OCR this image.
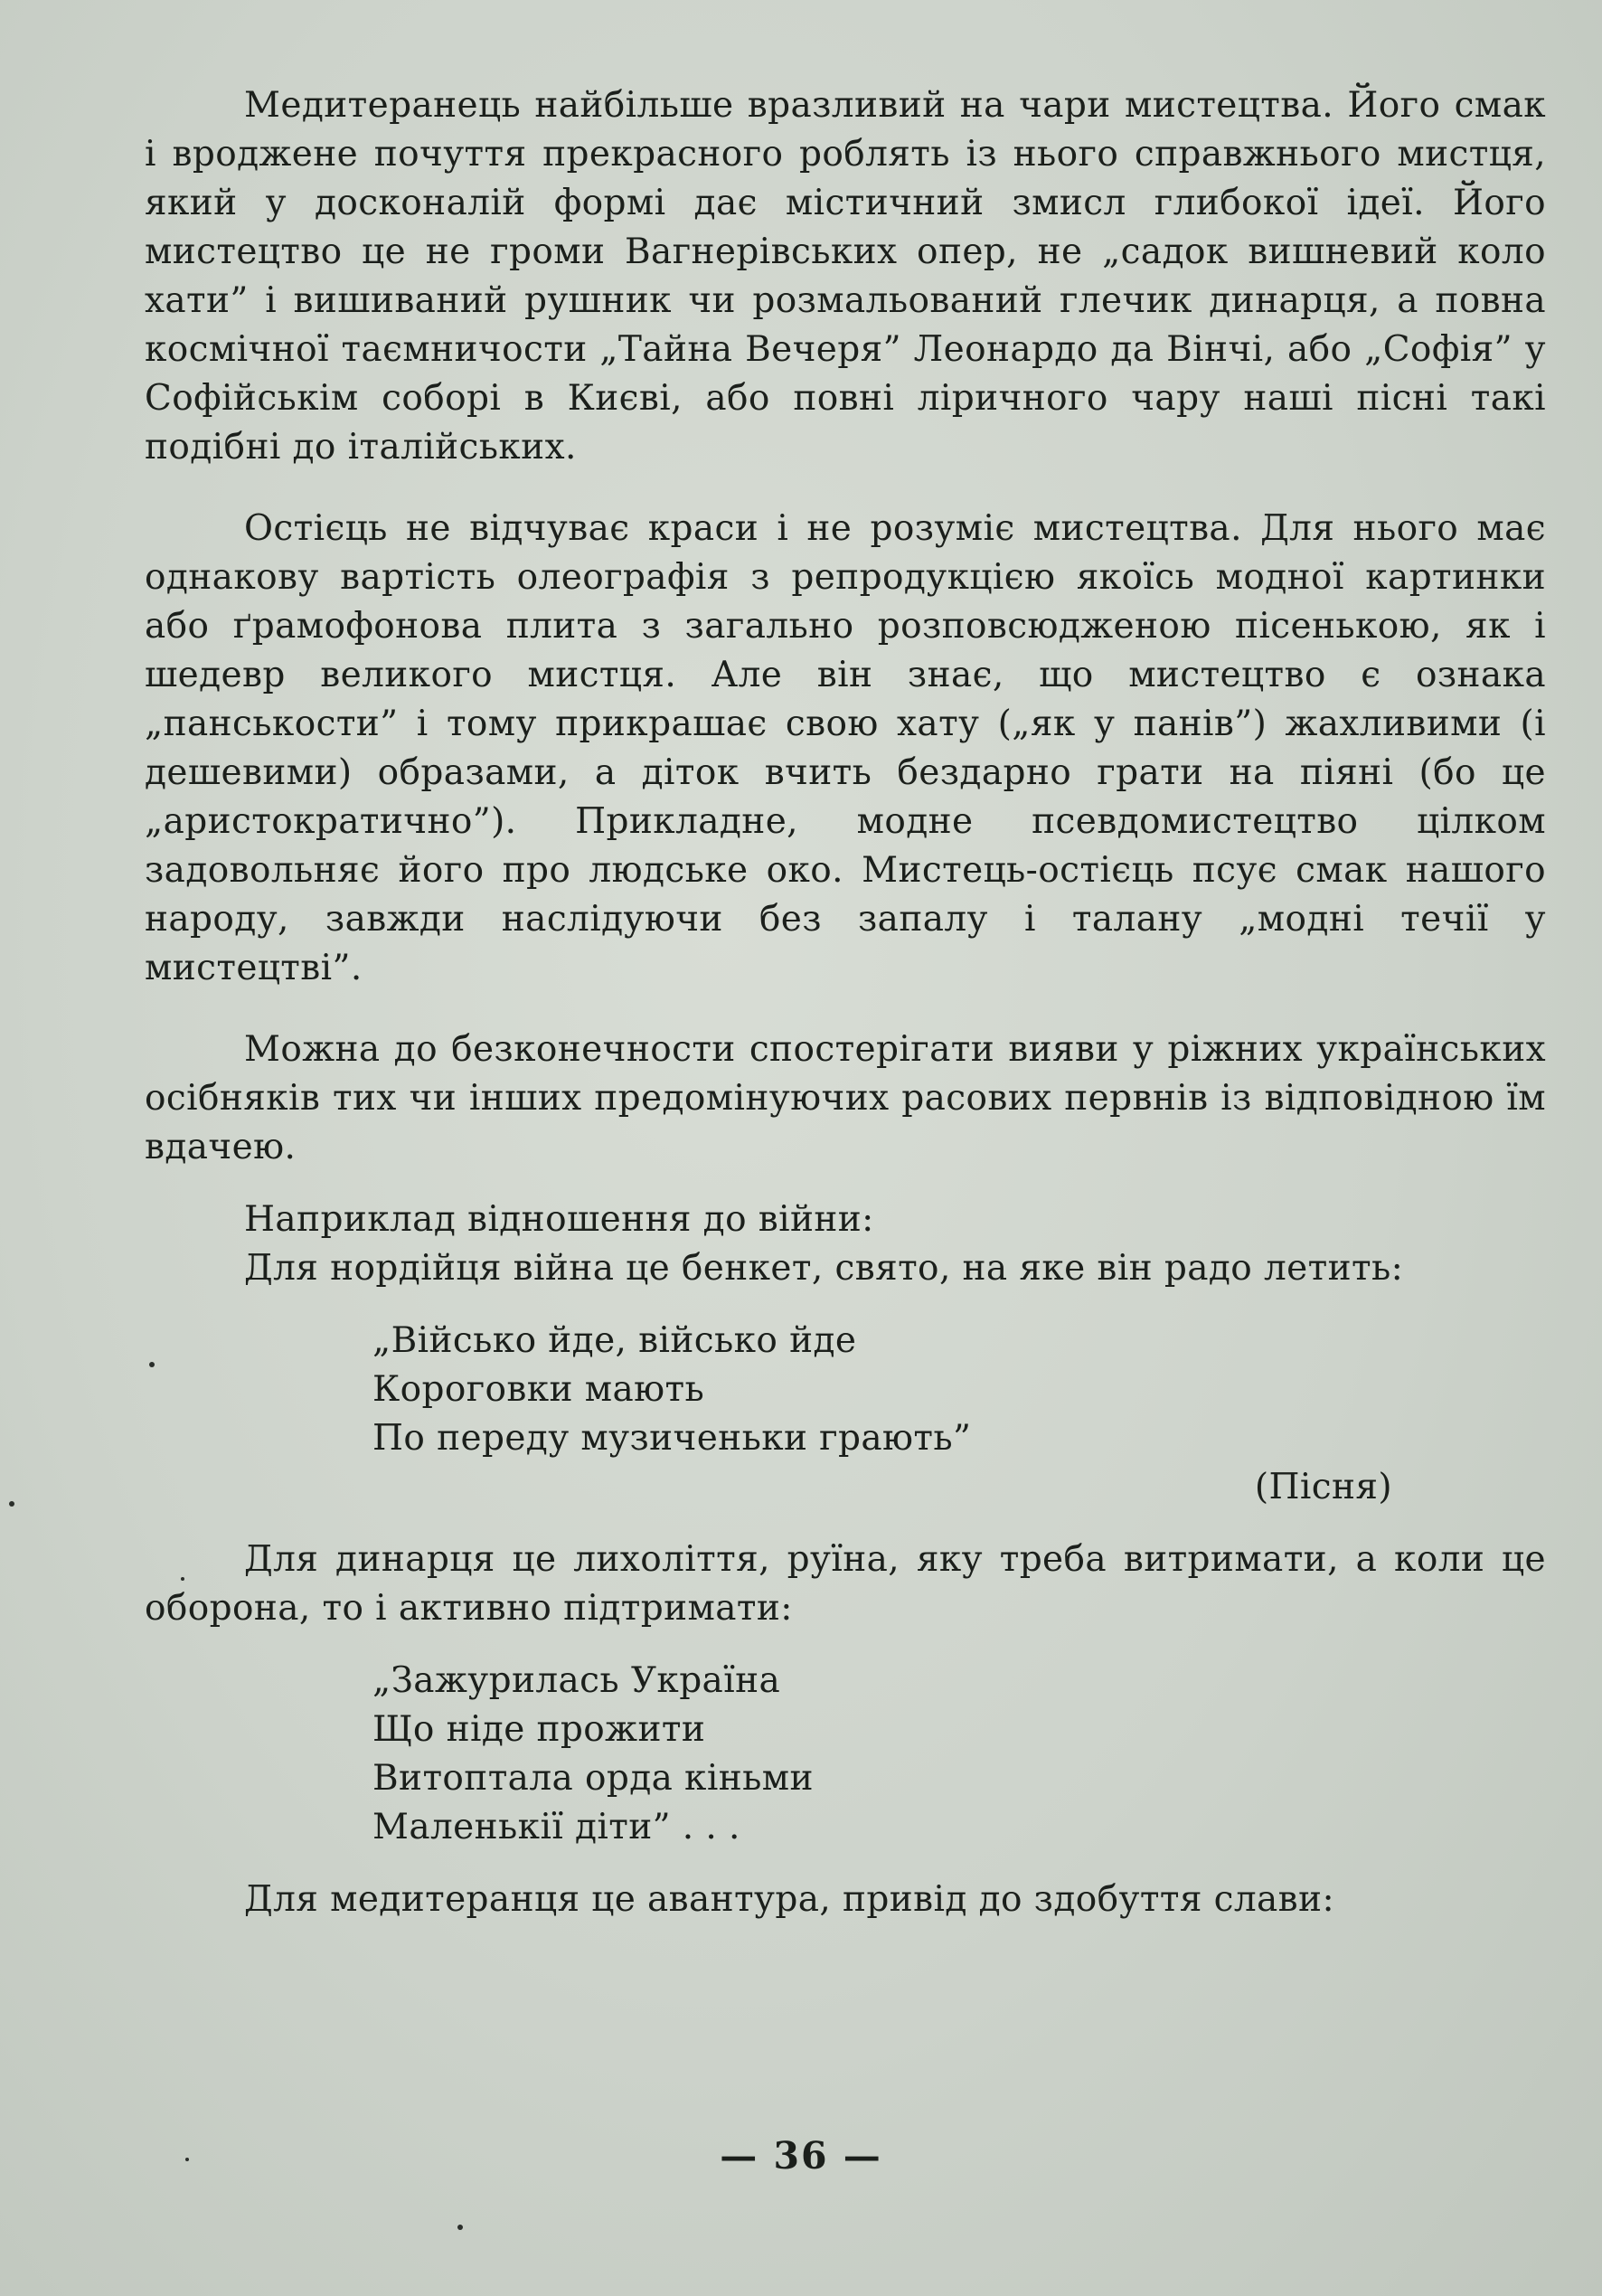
Медитеранець найбільше вразливий на чари мистецтва. Його смак і вроджене почуття прекрасного роблять із нього справжнього мистця, який у досконалій формі дає містичний змисл глибокої ідеї. Його мистецтво це не громи Вагнерівських опер, не „садок вишневий коло хати” і вишиваний рушник чи розмальований глечик динарця, а повна космічної таємничости „Тайна Вечеря” Леонардо да Вінчі, або „Софія” у Софійськім соборі в Києві, або повні ліричного чару наші пісні такі подібні до італійських.

Остієць не відчуває краси і не розуміє мистецтва. Для нього має однакову вартість олеографія з репродукцією якоїсь модної картинки або ґрамофонова плита з загально розповсюдженою пісенькою, як і шедевр великого мистця. Але він знає, що мистецтво є ознака „панськости” і тому прикрашає свою хату („як у панів”) жахливими (і дешевими) образами, а діток вчить бездарно грати на піяні (бо це „аристократично”). Прикладне, модне псевдомистецтво цілком задовольняє його про людське око. Мистець-остієць псує смак нашого народу, завжди наслідуючи без запалу і талану „модні течії у мистецтві”.

Можна до безконечности спостерігати вияви у ріжних українських осібняків тих чи інших предомінуючих расових первнів із відповідною їм вдачею.

Наприклад відношення до війни:

Для нордійця війна це бенкет, свято, на яке він радо летить:

„Військо йде, військо йде
Короговки мають
По переду музиченьки грають”
(Пісня)

Для динарця це лихоліття, руїна, яку треба витримати, а коли це оборона, то і активно підтримати:

„Зажурилась Україна
Що ніде прожити
Витоптала орда кіньми
Маленькії діти” . . .

Для медитеранця це авантура, привід до здобуття слави:

— 36 —
